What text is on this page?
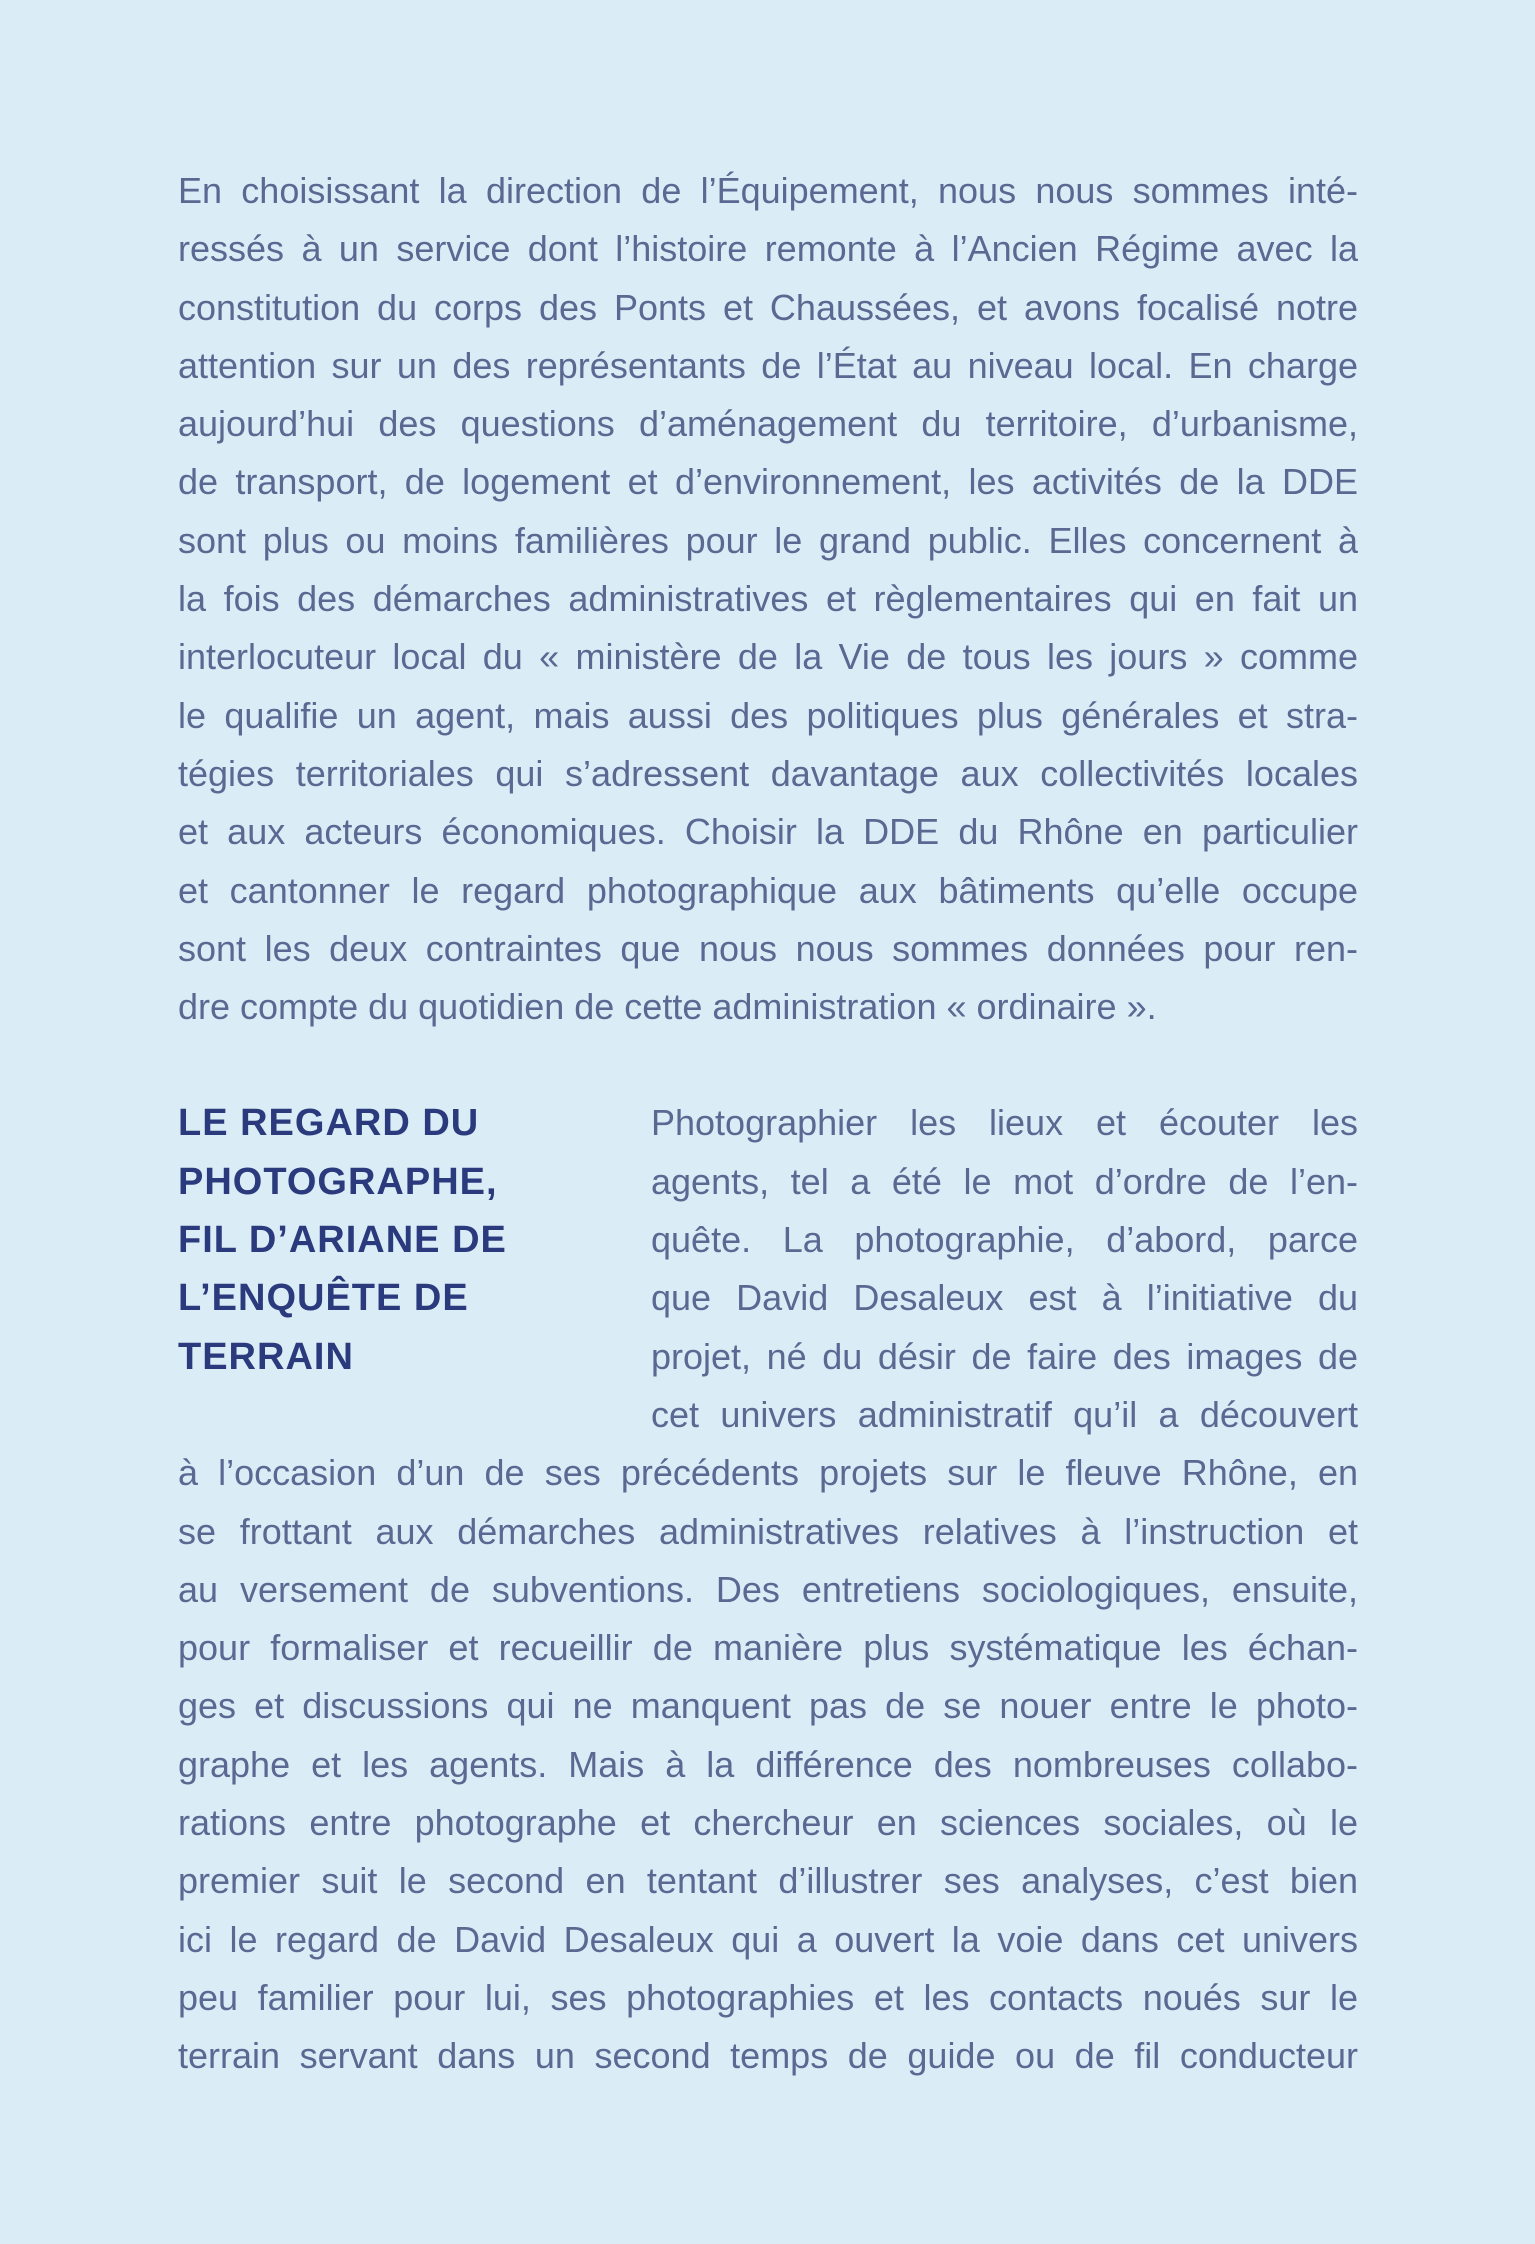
En choisissant la direction de l’Équipement, nous nous sommes inté-
ressés à un service dont l’histoire remonte à l’Ancien Régime avec la
constitution du corps des Ponts et Chaussées, et avons focalisé notre
attention sur un des représentants de l’État au niveau local. En charge
aujourd’hui des questions d’aménagement du territoire, d’urbanisme,
de transport, de logement et d’environnement, les activités de la DDE
sont plus ou moins familières pour le grand public. Elles concernent à
la fois des démarches administratives et règlementaires qui en fait un
interlocuteur local du « ministère de la Vie de tous les jours » comme
le qualifie un agent, mais aussi des politiques plus générales et stra-
tégies territoriales qui s’adressent davantage aux collectivités locales
et aux acteurs économiques. Choisir la DDE du Rhône en particulier
et cantonner le regard photographique aux bâtiments qu’elle occupe
sont les deux contraintes que nous nous sommes données pour ren-
dre compte du quotidien de cette administration « ordinaire ».
LE REGARD DU
PHOTOGRAPHE,
FIL D’ARIANE DE
L’ENQUÊTE DE
TERRAIN
Photographier les lieux et écouter les
agents, tel a été le mot d’ordre de l’en-
quête. La photographie, d’abord, parce
que David Desaleux est à l’initiative du
projet, né du désir de faire des images de
cet univers administratif qu’il a découvert
à l’occasion d’un de ses précédents projets sur le fleuve Rhône, en
se frottant aux démarches administratives relatives à l’instruction et
au versement de subventions. Des entretiens sociologiques, ensuite,
pour formaliser et recueillir de manière plus systématique les échan-
ges et discussions qui ne manquent pas de se nouer entre le photo-
graphe et les agents. Mais à la différence des nombreuses collabo-
rations entre photographe et chercheur en sciences sociales, où le
premier suit le second en tentant d’illustrer ses analyses, c’est bien
ici le regard de David Desaleux qui a ouvert la voie dans cet univers
peu familier pour lui, ses photographies et les contacts noués sur le
terrain servant dans un second temps de guide ou de fil conducteur
